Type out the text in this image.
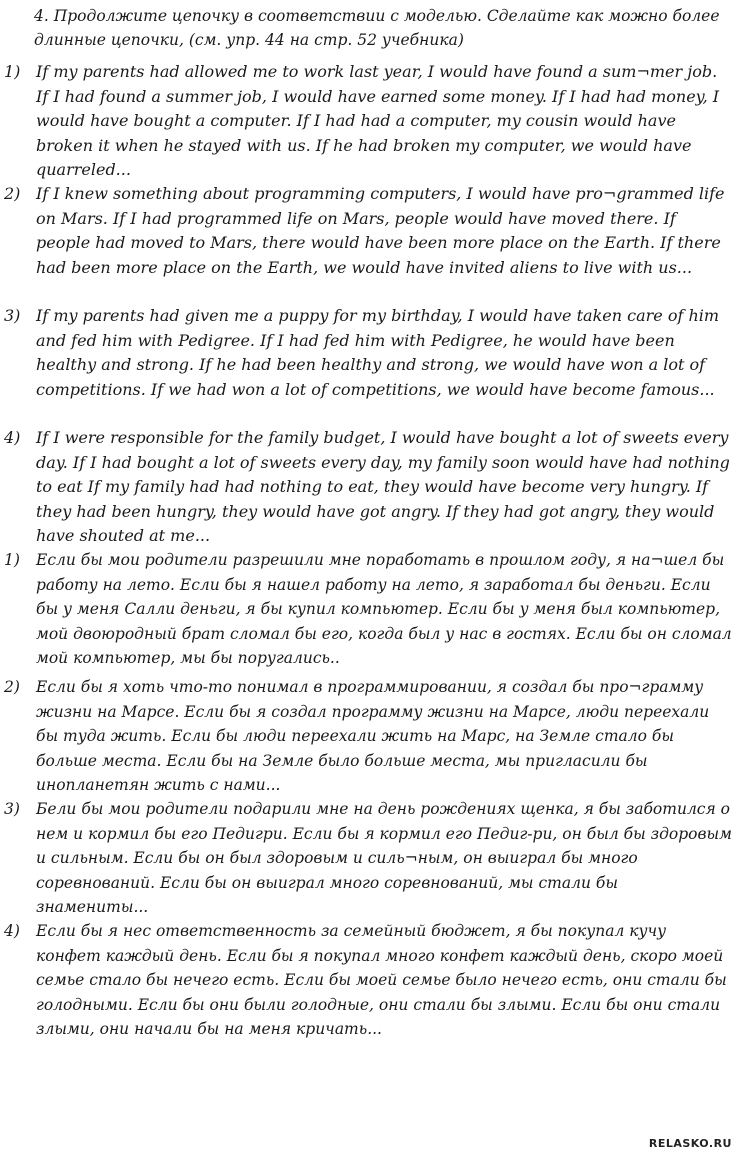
4. Продолжите цепочку в соответствии с моделью. Сделайте как можно более длинные цепочки, (см. упр. 44 на стр. 52 учебника)
1) If my parents had allowed me to work last year, I would have found a sum¬mer job. If I had found a summer job, I would have earned some money. If I had had money, I would have bought a computer. If I had had a computer, my cousin would have broken it when he stayed with us. If he had broken my computer, we would have quarreled...
2) If I knew something about programming computers, I would have pro¬grammed life on Mars. If I had programmed life on Mars, people would have moved there. If people had moved to Mars, there would have been more place on the Earth. If there had been more place on the Earth, we would have invited aliens to live with us...
3) If my parents had given me a puppy for my birthday, I would have taken care of him and fed him with Pedigree. If I had fed him with Pedigree, he would have been healthy and strong. If he had been healthy and strong, we would have won a lot of competitions. If we had won a lot of competitions, we would have become famous...
4) If I were responsible for the family budget, I would have bought a lot of sweets every day. If I had bought a lot of sweets every day, my family soon would have had nothing to eat If my family had had nothing to eat, they would have become very hungry. If they had been hungry, they would have got angry. If they had got angry, they would have shouted at me...
1)	Если бы мои родители разрешили мне поработать в прошлом году, я на¬шел бы работу на лето. Если бы я нашел работу на лето, я заработал бы деньги. Если бы у меня Салли деньги, я бы купил компьютер. Если бы у меня был компьютер, мой двоюродный брат сломал бы его, когда был у нас в гостях. Если бы он сломал мой компьютер, мы бы поругались..
2)	Если бы я хоть что-то понимал в программировании, я создал бы про¬грамму жизни на Марсе. Если бы я создал программу жизни на Марсе, люди переехали бы туда жить. Если бы люди переехали жить на Марс, на Земле стало бы больше места. Если бы на Земле было больше места, мы пригласили бы инопланетян жить с нами...
3)	Бели бы мои родители подарили мне на день рождениях щенка, я бы заботился о нем и кормил бы его Педигри. Если бы я кормил его Педиг-ри, он был бы здоровым и сильным. Если бы он был здоровым и силь¬ным, он выиграл бы много соревнований. Если бы он выиграл много соревнований, мы стали бы знамениты...
4)	Если бы я нес ответственность за семейный бюджет, я бы покупал кучу конфет каждый день. Если бы я покупал много конфет каждый день, скоро моей семье стало бы нечего есть. Если бы моей семье было нечего есть, они стали бы голодными. Если бы они были голодные, они стали бы злыми. Если бы они стали злыми, они начали бы на меня кричать...
RELASKO.RU
